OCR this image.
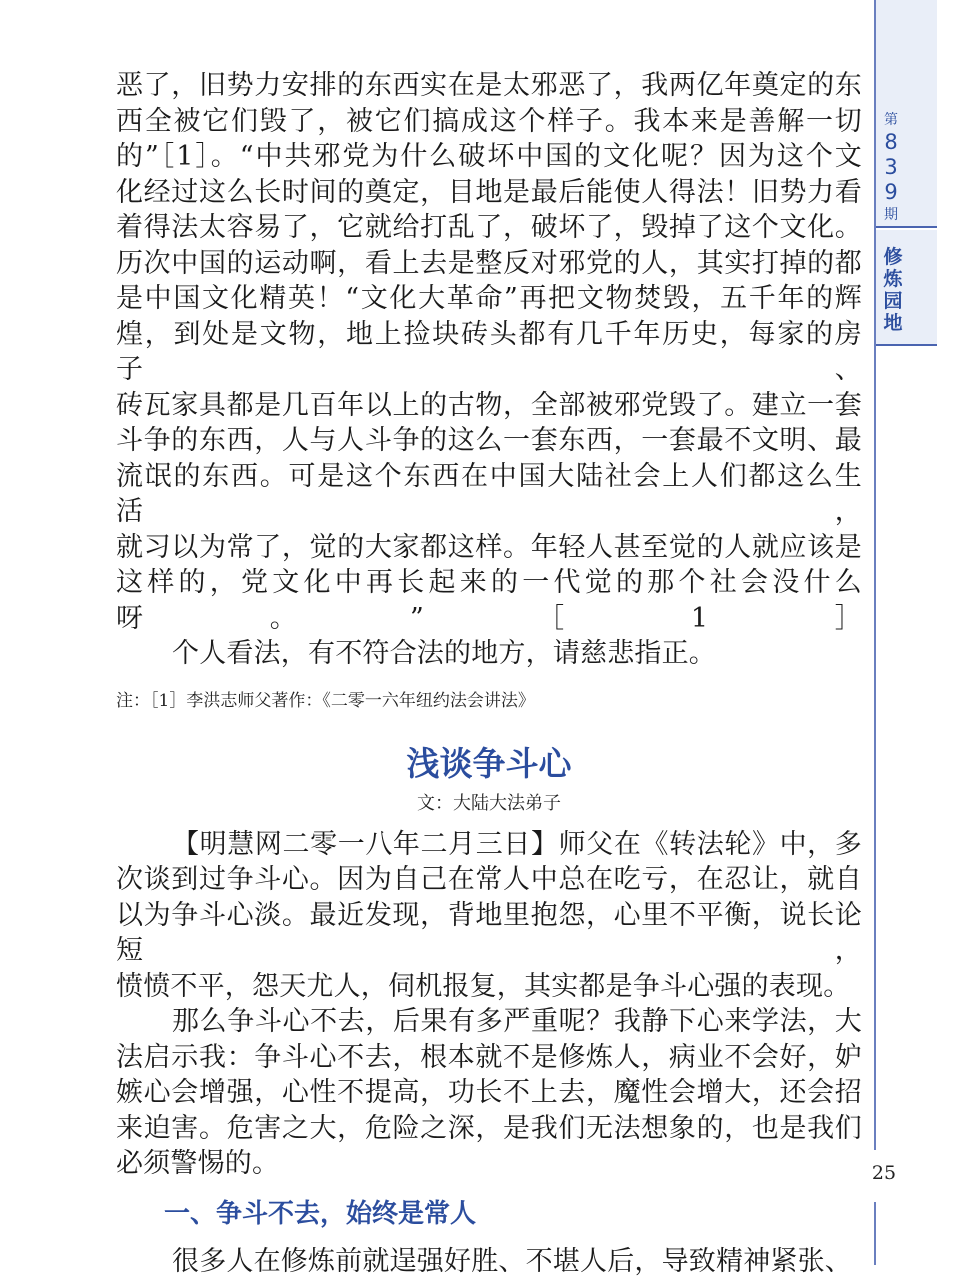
恶了，旧势力安排的东西实在是太邪恶了，我两亿年奠定的东

西全被它们毁了，被它们搞成这个样子。我本来是善解一切

的”［1］。“中共邪党为什么破坏中国的文化呢？因为这个文

化经过这么长时间的奠定，目地是最后能使人得法！旧势力看

着得法太容易了，它就给打乱了，破坏了，毁掉了这个文化。

历次中国的运动啊，看上去是整反对邪党的人，其实打掉的都

是中国文化精英！“文化大革命”再把文物焚毁，五千年的辉

煌，到处是文物，地上捡块砖头都有几千年历史，每家的房子、

砖瓦家具都是几百年以上的古物，全部被邪党毁了。建立一套

斗争的东西，人与人斗争的这么一套东西，一套最不文明、最

流氓的东西。可是这个东西在中国大陆社会上人们都这么生活，

就习以为常了，觉的大家都这样。年轻人甚至觉的人就应该是

这样的，党文化中再长起来的一代觉的那个社会没什么呀。”［1］

个人看法，有不符合法的地方，请慈悲指正。

注：［1］李洪志师父著作：《二零一六年纽约法会讲法》

浅谈争斗心
文：大陆大法弟子

【明慧网二零一八年二月三日】师父在《转法轮》中，多

次谈到过争斗心。因为自己在常人中总在吃亏，在忍让，就自

以为争斗心淡。最近发现，背地里抱怨，心里不平衡，说长论短，

愤愤不平，怨天尤人，伺机报复，其实都是争斗心强的表现。

那么争斗心不去，后果有多严重呢？我静下心来学法，大

法启示我：争斗心不去，根本就不是修炼人，病业不会好，妒

嫉心会增强，心性不提高，功长不上去，魔性会增大，还会招

来迫害。危害之大，危险之深，是我们无法想象的，也是我们

必须警惕的。

一、争斗不去，始终是常人

很多人在修炼前就逞强好胜、不堪人后，导致精神紧张、

第
8
3
9
期
修
炼
园
地
25
